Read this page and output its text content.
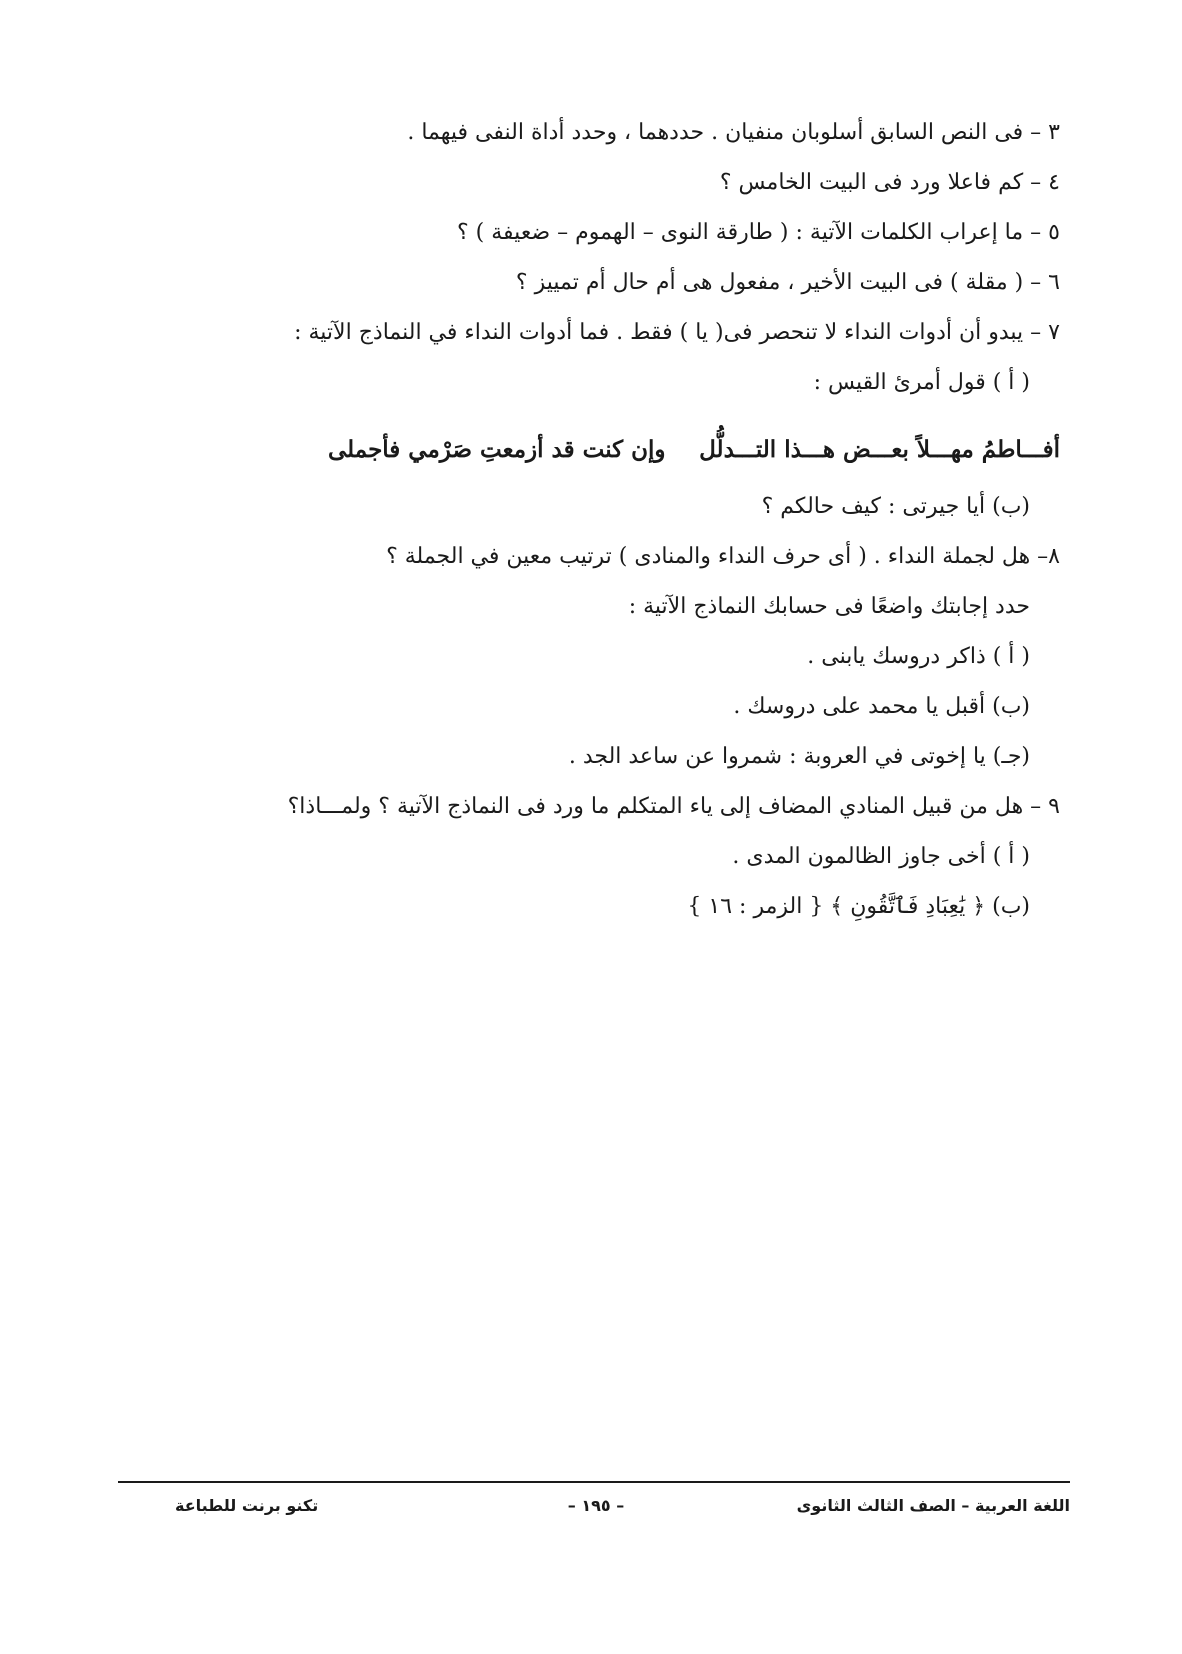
٣ – فى النص السابق أسلوبان منفيان . حددهما ، وحدد أداة النفى فيهما .
٤ – كم فاعلا ورد فى البيت الخامس ؟
٥ – ما إعراب الكلمات الآتية : ( طارقة النوى – الهموم – ضعيفة ) ؟
٦ – ( مقلة ) فى البيت الأخير ، مفعول هى أم حال أم تمييز ؟
٧ – يبدو أن أدوات النداء لا تنحصر فى( يا ) فقط . فما أدوات النداء في النماذج الآتية :
( أ ) قول أمرئ القيس :
أفـــاطمُ مهـــلاً بعـــض هـــذا التـــدلُّل
وإن كنت قد أزمعتِ صَرْمي فأجملى
(ب) أيا جيرتى : كيف حالكم ؟
٨– هل لجملة النداء . ( أى حرف النداء والمنادى ) ترتيب معين في الجملة ؟
حدد إجابتك واضعًا فى حسابك النماذج الآتية :
( أ ) ذاكر دروسك يابنى .
(ب) أقبل يا محمد على دروسك .
(جـ) يا إخوتى في العروبة : شمروا عن ساعد الجد .
٩ – هل من قبيل المنادي المضاف إلى ياء المتكلم ما ورد فى النماذج الآتية ؟ ولمـــاذا؟
( أ ) أخى جاوز الظالمون المدى .
(ب) ﴿ يَٰعِبَادِ فَٱتَّقُونِ ﴾ { الزمر : ١٦ }
اللغة العربية – الصف الثالث الثانوى
– ١٩٥ –
تكنو برنت للطباعة
